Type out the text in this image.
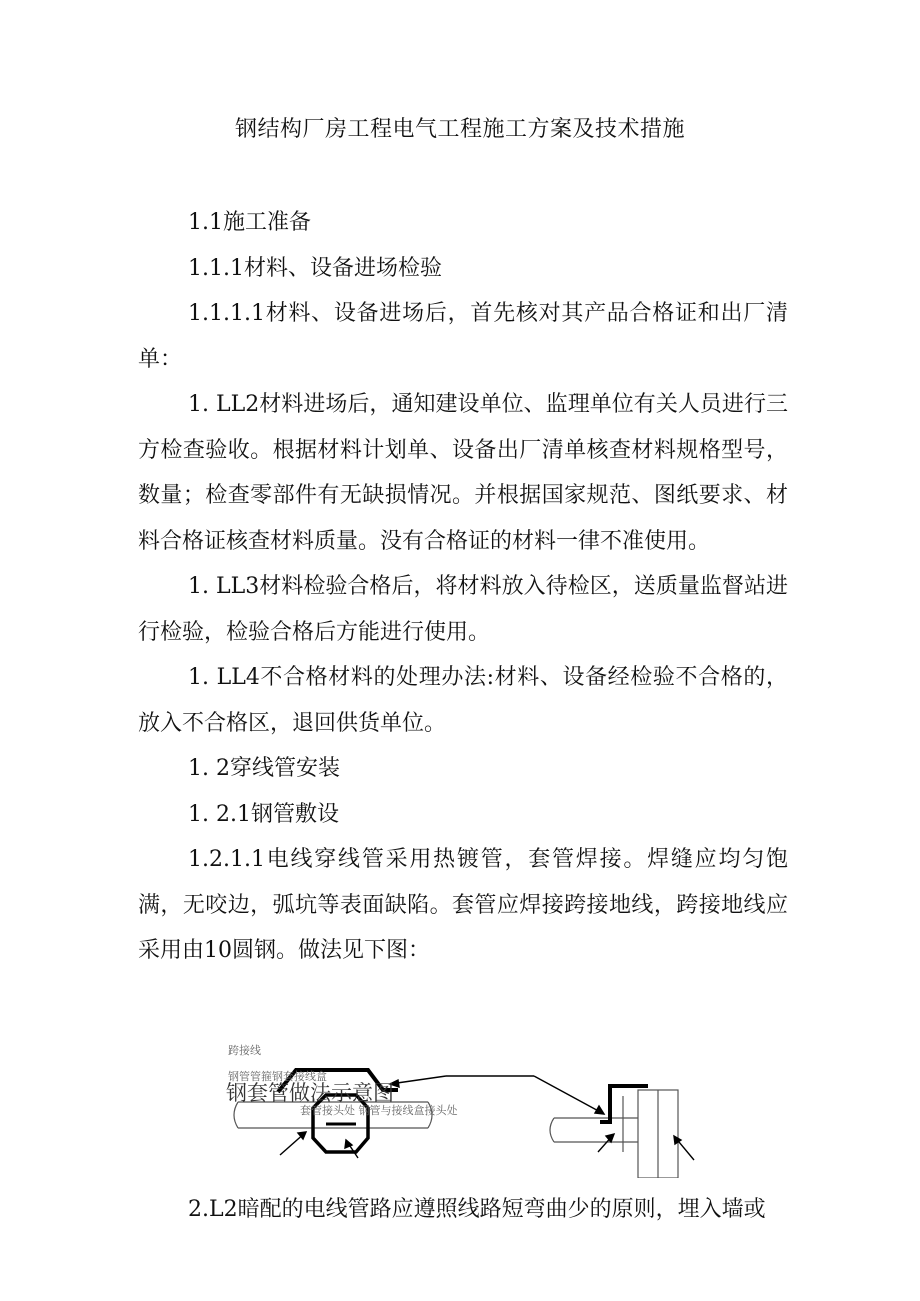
钢结构厂房工程电气工程施工方案及技术措施

1.1施工准备

1.1.1材料、设备进场检验

1.1.1.1材料、设备进场后，首先核对其产品合格证和出厂清单：

1. LL2材料进场后，通知建设单位、监理单位有关人员进行三方检查验收。根据材料计划单、设备出厂清单核查材料规格型号，数量；检查零部件有无缺损情况。并根据国家规范、图纸要求、材料合格证核查材料质量。没有合格证的材料一律不准使用。

1. LL3材料检验合格后，将材料放入待检区，送质量监督站进行检验，检验合格后方能进行使用。

1. LL4不合格材料的处理办法:材料、设备经检验不合格的，放入不合格区，退回供货单位。

1. 2穿线管安装

1. 2.1钢管敷设

1.2.1.1电线穿线管采用热镀管，套管焊接。焊缝应均匀饱满，无咬边，弧坑等表面缺陷。套管应焊接跨接地线，跨接地线应采用由10圆钢。做法见下图：

跨接线
钢管管箍钢套接线盒
钢套管做法示意图
套管接头处 钢管与接线盒接头处
2.L2暗配的电线管路应遵照线路短弯曲少的原则，埋入墙或
